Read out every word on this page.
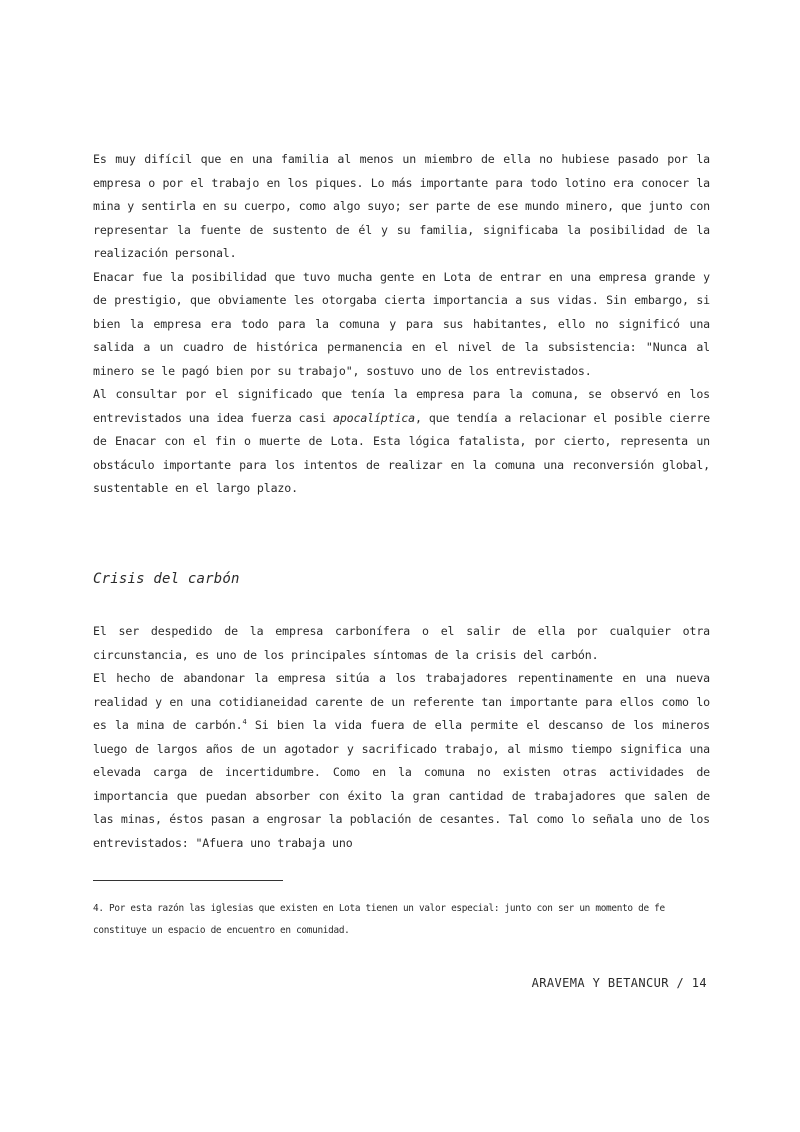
Es muy difícil que en una familia al menos un miembro de ella no hubiese pasado por la empresa o por el trabajo en los piques. Lo más importante para todo lotino era conocer la mina y sentirla en su cuerpo, como algo suyo; ser parte de ese mundo minero, que junto con representar la fuente de sustento de él y su familia, significaba la posibilidad de la realización personal.

Enacar fue la posibilidad que tuvo mucha gente en Lota de entrar en una empresa grande y de prestigio, que obviamente les otorgaba cierta importancia a sus vidas. Sin embargo, si bien la empresa era todo para la comuna y para sus habitantes, ello no significó una salida a un cuadro de histórica permanencia en el nivel de la subsistencia: "Nunca al minero se le pagó bien por su trabajo", sostuvo uno de los entrevistados.

Al consultar por el significado que tenía la empresa para la comuna, se observó en los entrevistados una idea fuerza casi apocalíptica, que tendía a relacionar el posible cierre de Enacar con el fin o muerte de Lota. Esta lógica fatalista, por cierto, representa un obstáculo importante para los intentos de realizar en la comuna una reconversión global, sustentable en el largo plazo.

Crisis del carbón

El ser despedido de la empresa carbonífera o el salir de ella por cualquier otra circunstancia, es uno de los principales síntomas de la crisis del carbón.

El hecho de abandonar la empresa sitúa a los trabajadores repentinamente en una nueva realidad y en una cotidianeidad carente de un referente tan importante para ellos como lo es la mina de carbón.$^4$ Si bien la vida fuera de ella permite el descanso de los mineros luego de largos años de un agotador y sacrificado trabajo, al mismo tiempo significa una elevada carga de incertidumbre. Como en la comuna no existen otras actividades de importancia que puedan absorber con éxito la gran cantidad de trabajadores que salen de las minas, éstos pasan a engrosar la población de cesantes. Tal como lo señala uno de los entrevistados: "Afuera uno trabaja uno

4. Por esta razón las iglesias que existen en Lota tienen un valor especial: junto con ser un momento de fe constituye un espacio de encuentro en comunidad.

ARAVEMA Y BETANCUR / 14
